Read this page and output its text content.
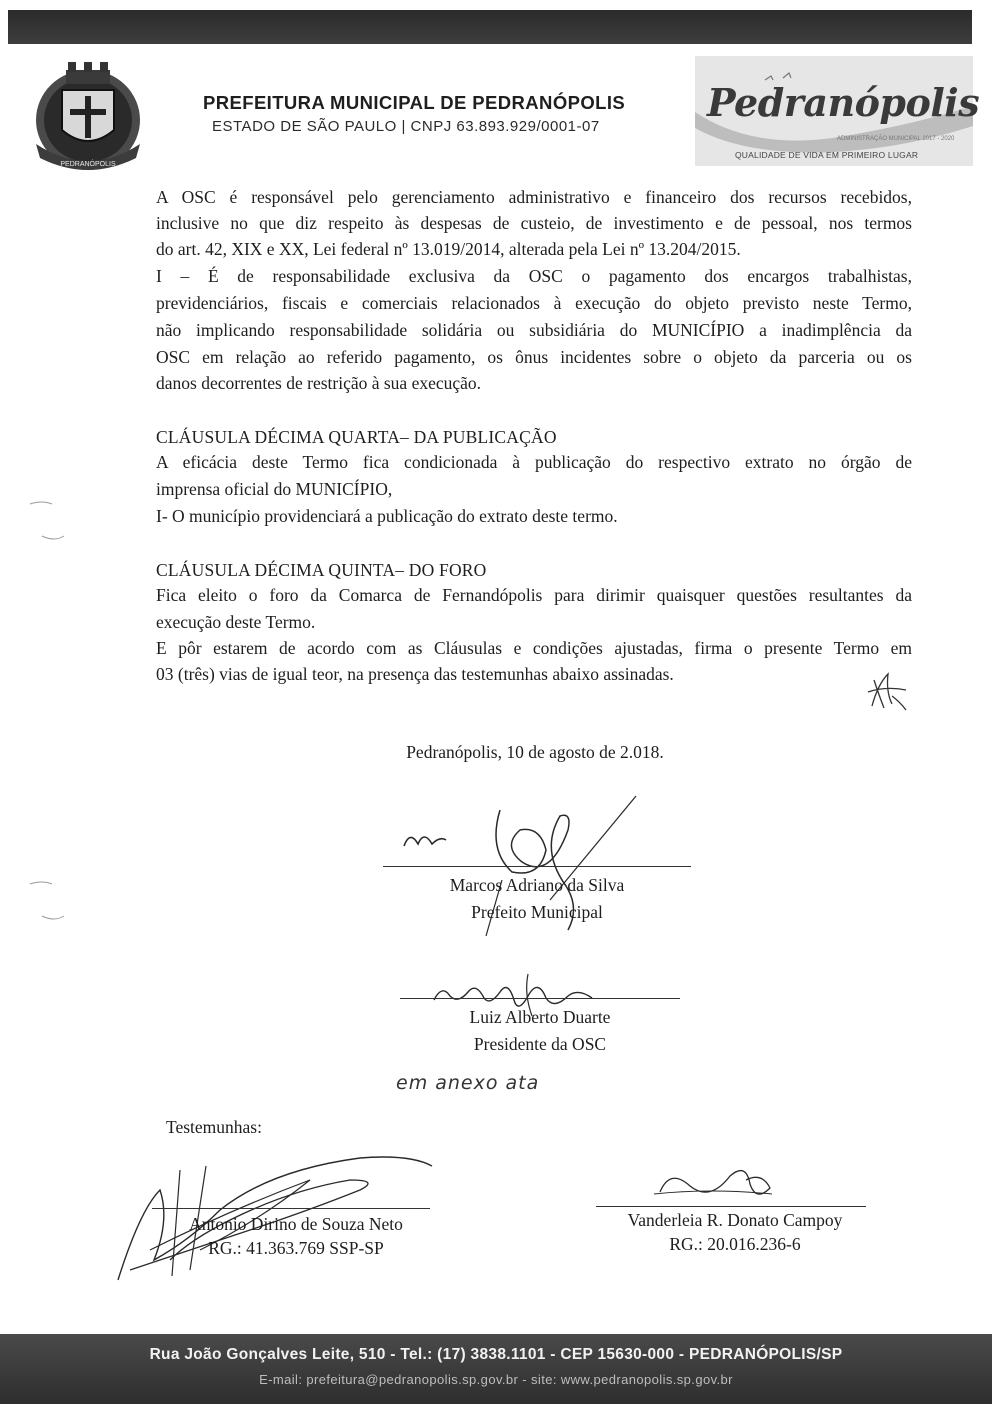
PEDRANÓPOLIS
PREFEITURA MUNICIPAL DE PEDRANÓPOLIS
ESTADO DE SÃO PAULO | CNPJ 63.893.929/0001-07
Pedranópolis
ADMINISTRAÇÃO MUNICIPAL 2017 - 2020
QUALIDADE DE VIDA EM PRIMEIRO LUGAR
A OSC é responsável pelo gerenciamento administrativo e financeiro dos recursos recebidos,
inclusive no que diz respeito às despesas de custeio, de investimento e de pessoal, nos termos
do art. 42, XIX e XX, Lei federal nº 13.019/2014, alterada pela Lei nº 13.204/2015.
I – É de responsabilidade exclusiva da OSC o pagamento dos encargos trabalhistas,
previdenciários, fiscais e comerciais relacionados à execução do objeto previsto neste Termo,
não implicando responsabilidade solidária ou subsidiária do MUNICÍPIO a inadimplência da
OSC em relação ao referido pagamento, os ônus incidentes sobre o objeto da parceria ou os
danos decorrentes de restrição à sua execução.
CLÁUSULA DÉCIMA QUARTA– DA PUBLICAÇÃO
A eficácia deste Termo fica condicionada à publicação do respectivo extrato no órgão de
imprensa oficial do MUNICÍPIO,
I- O município providenciará a publicação do extrato deste termo.
CLÁUSULA DÉCIMA QUINTA– DO FORO
Fica eleito o foro da Comarca de Fernandópolis para dirimir quaisquer questões resultantes da
execução deste Termo.
E pôr estarem de acordo com as Cláusulas e condições ajustadas, firma o presente Termo em
03 (três) vias de igual teor, na presença das testemunhas abaixo assinadas.
Pedranópolis, 10 de agosto de 2.018.
Marcos Adriano da Silva
Prefeito Municipal
Luiz Alberto Duarte
Presidente da OSC
em anexo ata
Testemunhas:
Antonio Dirino de Souza Neto
RG.: 41.363.769 SSP-SP
Vanderleia R. Donato Campoy
RG.: 20.016.236-6
Rua João Gonçalves Leite, 510 - Tel.: (17) 3838.1101 - CEP 15630-000 - PEDRANÓPOLIS/SP
E-mail: prefeitura@pedranopolis.sp.gov.br - site: www.pedranopolis.sp.gov.br
